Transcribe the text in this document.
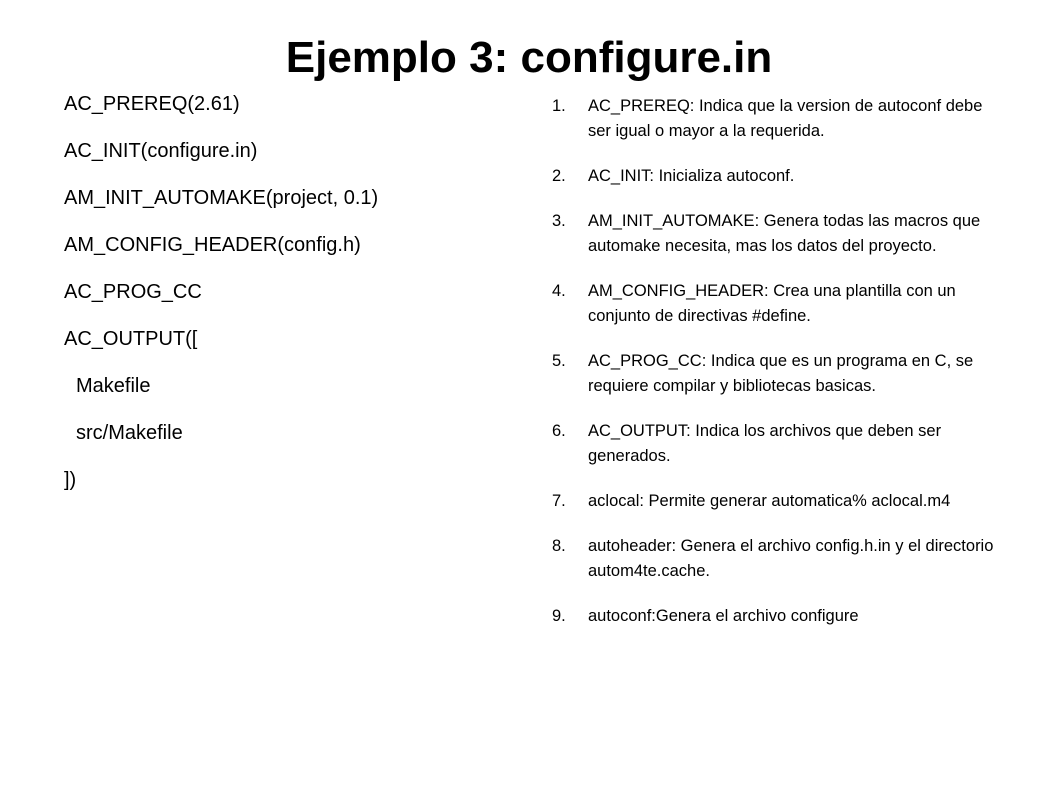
Ejemplo 3: configure.in
AC_PREREQ(2.61)
AC_INIT(configure.in)
AM_INIT_AUTOMAKE(project, 0.1)
AM_CONFIG_HEADER(config.h)
AC_PROG_CC
AC_OUTPUT([
Makefile
src/Makefile
])
1.	AC_PREREQ: Indica que la version de autoconf debe ser igual o mayor a la requerida.
2.	AC_INIT: Inicializa autoconf.
3.	AM_INIT_AUTOMAKE: Genera todas las macros que automake necesita, mas los datos del proyecto.
4.	AM_CONFIG_HEADER: Crea una plantilla con un conjunto de directivas #define.
5.	AC_PROG_CC: Indica que es un programa en C, se requiere compilar y bibliotecas basicas.
6.	AC_OUTPUT: Indica los archivos que deben ser generados.
7.	aclocal: Permite generar automatica% aclocal.m4
8.	autoheader: Genera el archivo config.h.in y el directorio autom4te.cache.
9.	autoconf:Genera el archivo configure
